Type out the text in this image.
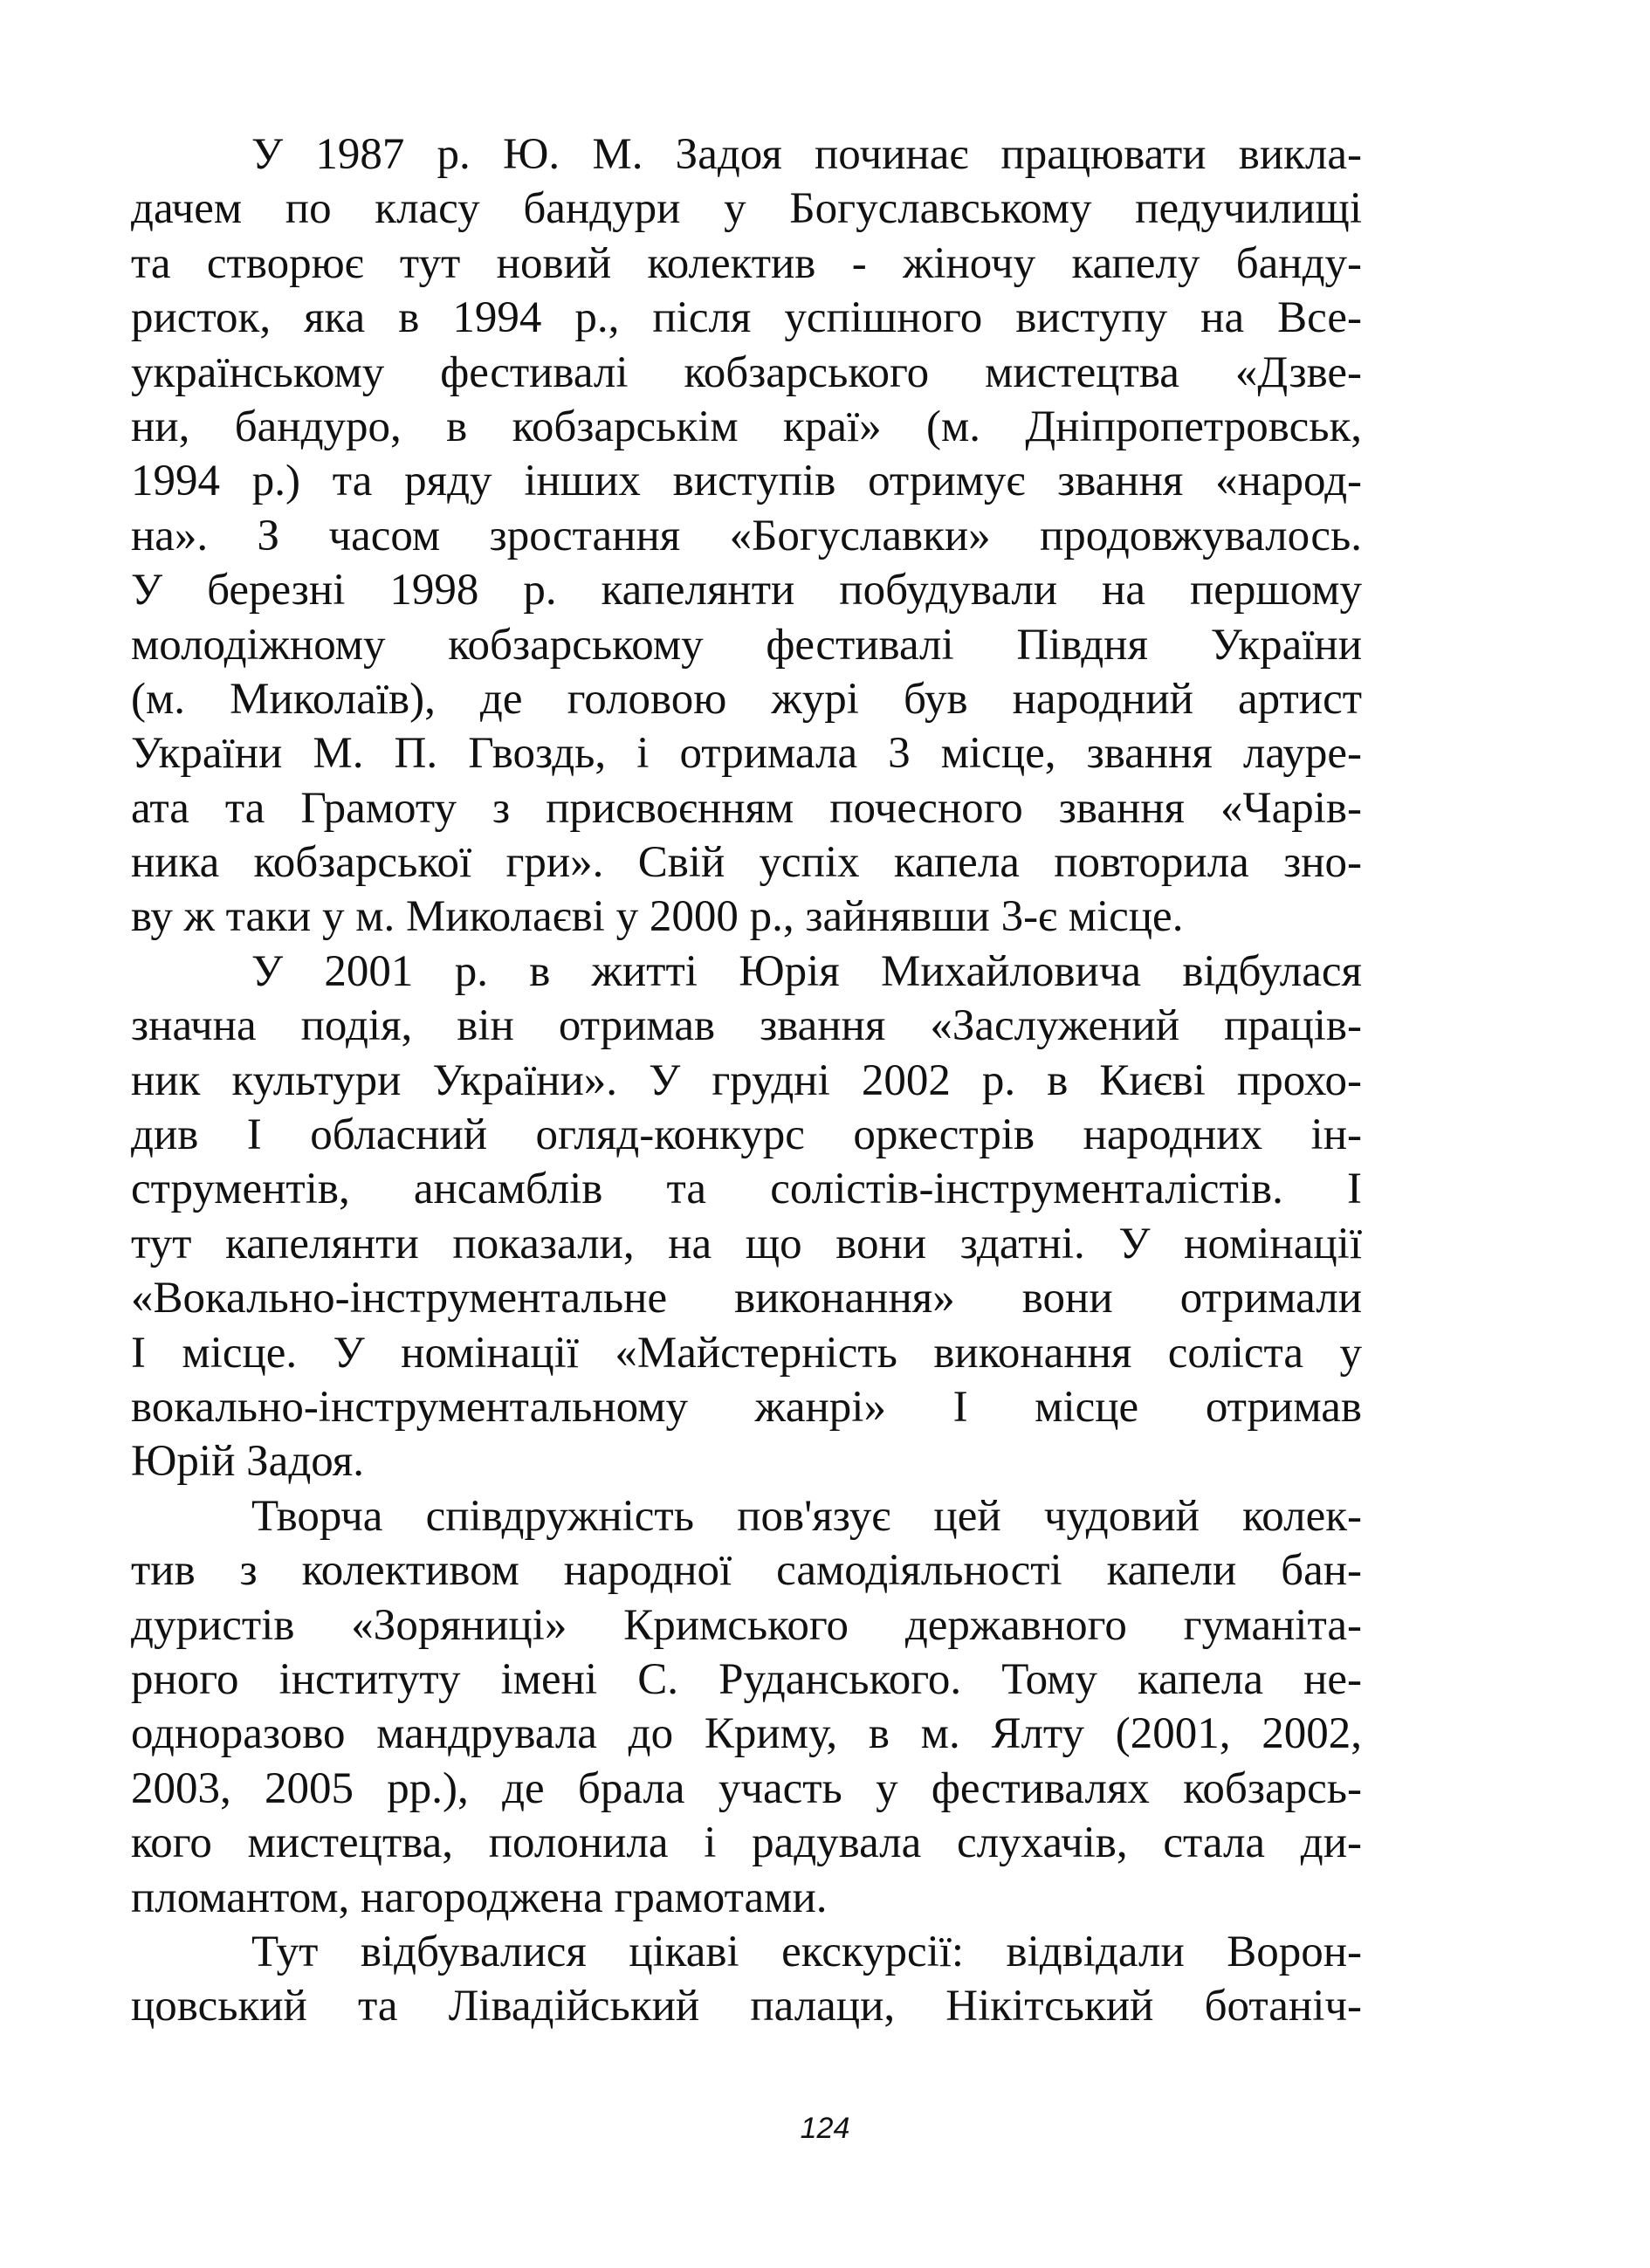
У 1987 р. Ю. М. Задоя починає працювати викла-
дачем по класу бандури у Богуславському педучилищі
та створює тут новий колектив - жіночу капелу банду-
ристок, яка в 1994 р., після успішного виступу на Все-
українському фестивалі кобзарського мистецтва «Дзве-
ни, бандуро, в кобзарськім краї» (м. Дніпропетровськ,
1994 р.) та ряду інших виступів отримує звання «народ-
на». З часом зростання «Богуславки» продовжувалось.
У березні 1998 р. капелянти побудували на першому
молодіжному кобзарському фестивалі Півдня України
(м. Миколаїв), де головою журі був народний артист
України М. П. Гвоздь, і отримала 3 місце, звання лауре-
ата та Грамоту з присвоєнням почесного звання «Чарів-
ника кобзарської гри». Свій успіх капела повторила зно-
ву ж таки у м. Миколаєві у 2000 р., зайнявши 3-є місце.
У 2001 р. в житті Юрія Михайловича відбулася
значна подія, він отримав звання «Заслужений праців-
ник культури України». У грудні 2002 р. в Києві прохо-
див І обласний огляд-конкурс оркестрів народних ін-
струментів, ансамблів та солістів-інструменталістів. І
тут капелянти показали, на що вони здатні. У номінації
«Вокально-інструментальне виконання» вони отримали
І місце. У номінації «Майстерність виконання соліста у
вокально-інструментальному жанрі» І місце отримав
Юрій Задоя.
Творча співдружність пов'язує цей чудовий колек-
тив з колективом народної самодіяльності капели бан-
дуристів «Зоряниці» Кримського державного гуманіта-
рного інституту імені С. Руданського. Тому капела не-
одноразово мандрувала до Криму, в м. Ялту (2001, 2002,
2003, 2005 рр.), де брала участь у фестивалях кобзарсь-
кого мистецтва, полонила і радувала слухачів, стала ди-
пломантом, нагороджена грамотами.
Тут відбувалися цікаві екскурсії: відвідали Ворон-
цовський та Лівадійський палаци, Нікітський ботаніч-
124
